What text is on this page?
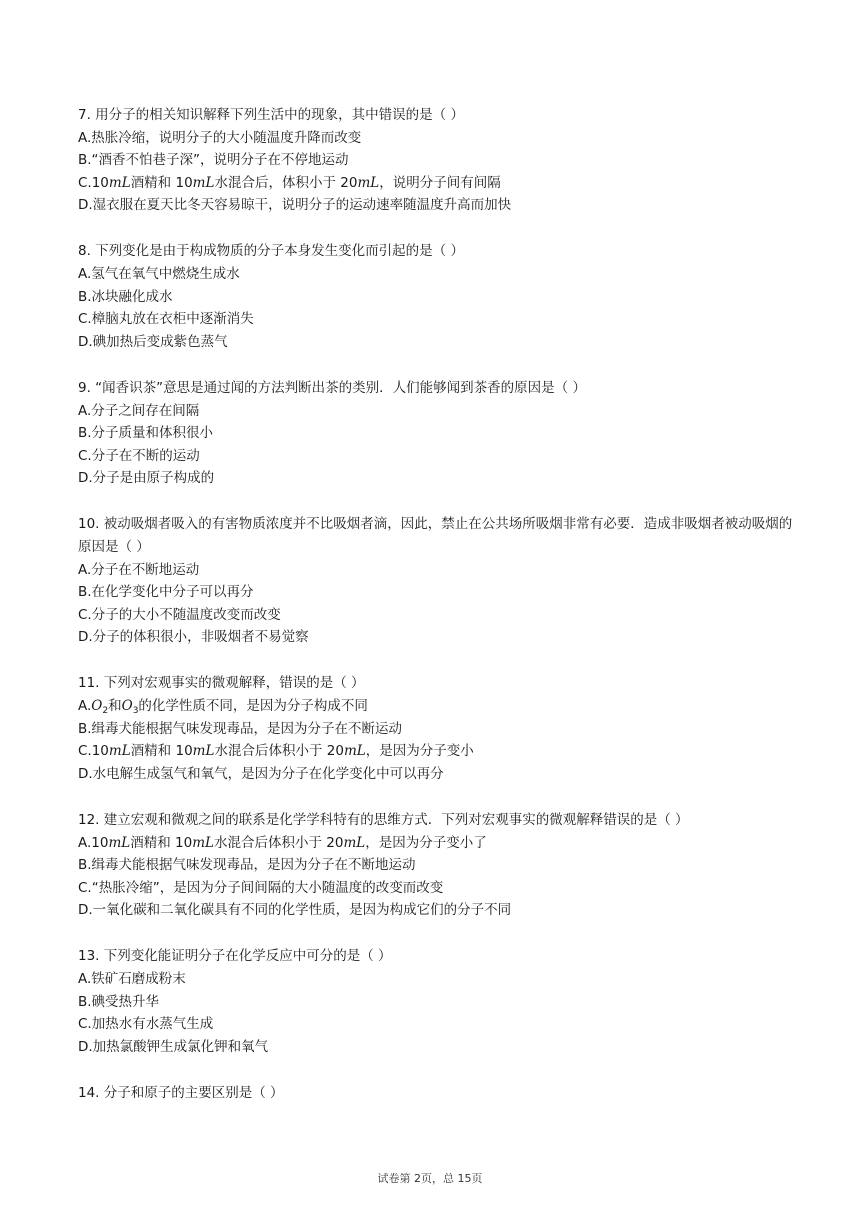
7. 用分子的相关知识解释下列生活中的现象，其中错误的是（ ）
A.热胀冷缩，说明分子的大小随温度升降而改变
B.“酒香不怕巷子深”，说明分子在不停地运动
C.10mL酒精和 10mL水混合后，体积小于 20mL，说明分子间有间隔
D.湿衣服在夏天比冬天容易晾干，说明分子的运动速率随温度升高而加快
8. 下列变化是由于构成物质的分子本身发生变化而引起的是（ ）
A.氢气在氧气中燃烧生成水
B.冰块融化成水
C.樟脑丸放在衣柜中逐渐消失
D.碘加热后变成紫色蒸气
9. “闻香识茶”意思是通过闻的方法判断出茶的类别．人们能够闻到茶香的原因是（ ）
A.分子之间存在间隔
B.分子质量和体积很小
C.分子在不断的运动
D.分子是由原子构成的
10. 被动吸烟者吸入的有害物质浓度并不比吸烟者滴，因此，禁止在公共场所吸烟非常有必要．造成非吸烟者被动吸烟的原因是（ ）
A.分子在不断地运动
B.在化学变化中分子可以再分
C.分子的大小不随温度改变而改变
D.分子的体积很小，非吸烟者不易觉察
11. 下列对宏观事实的微观解释，错误的是（ ）
$A.O_2$和$O_3$的化学性质不同，是因为分子构成不同
B.缉毒犬能根据气味发现毒品，是因为分子在不断运动
C.10mL酒精和 10mL水混合后体积小于 20mL，是因为分子变小
D.水电解生成氢气和氧气，是因为分子在化学变化中可以再分
12. 建立宏观和微观之间的联系是化学学科特有的思维方式．下列对宏观事实的微观解释错误的是（ ）
A.10mL酒精和 10mL水混合后体积小于 20mL，是因为分子变小了
B.缉毒犬能根据气味发现毒品，是因为分子在不断地运动
C.“热胀冷缩”，是因为分子间间隔的大小随温度的改变而改变
D.一氧化碳和二氧化碳具有不同的化学性质，是因为构成它们的分子不同
13. 下列变化能证明分子在化学反应中可分的是（ ）
A.铁矿石磨成粉末
B.碘受热升华
C.加热水有水蒸气生成
D.加热氯酸钾生成氯化钾和氧气
14. 分子和原子的主要区别是（ ）
试卷第 2页，总 15页
